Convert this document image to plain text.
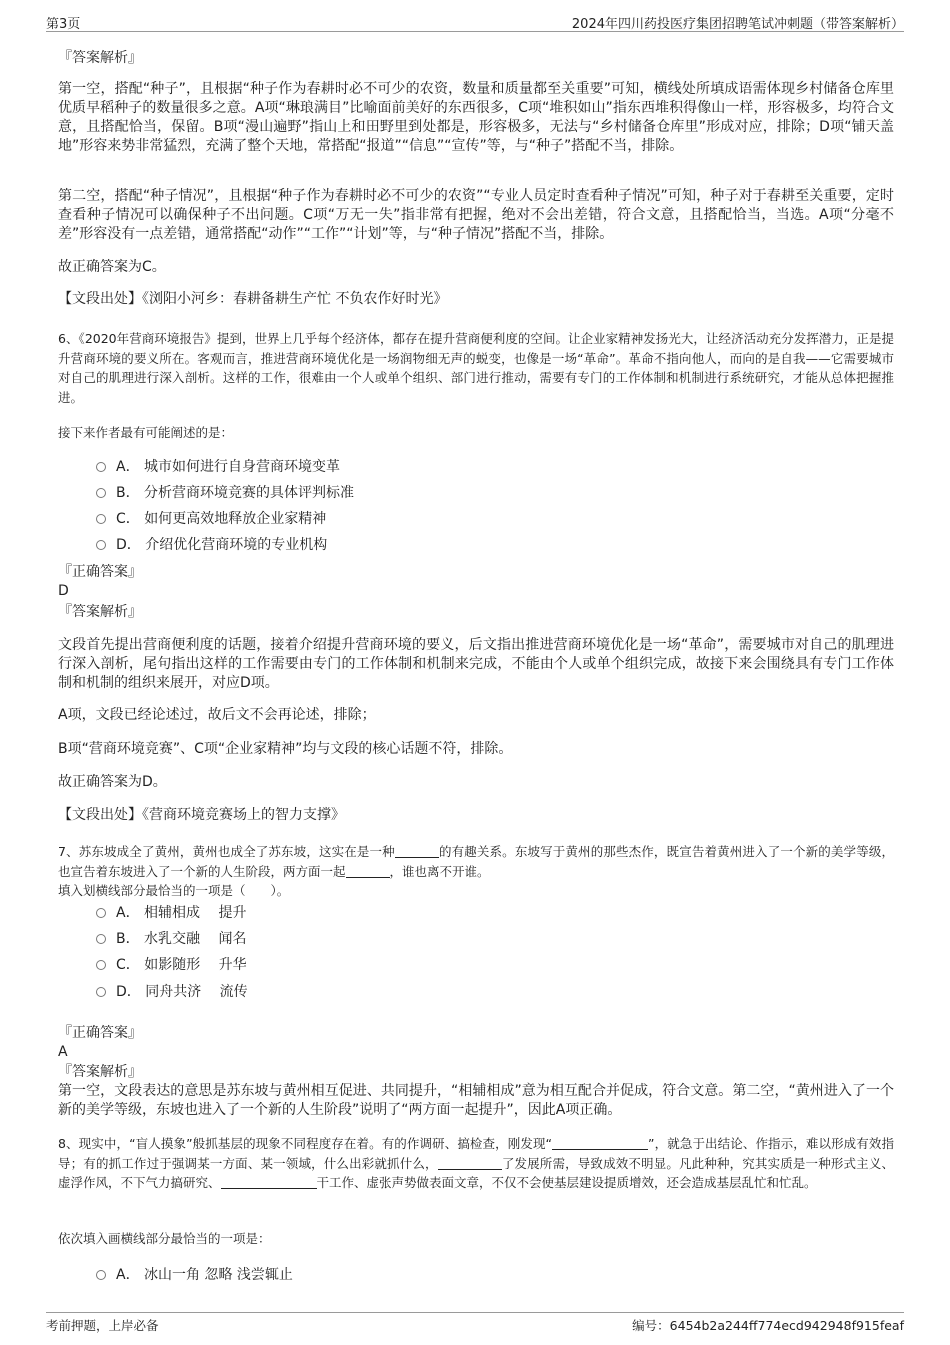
第3页	2024年四川药投医疗集团招聘笔试冲刺题（带答案解析）
『答案解析』

第一空，搭配“种子”，且根据“种子作为春耕时必不可少的农资，数量和质量都至关重要”可知，横线处所填成语需体现乡村储备仓库里优质早稻种子的数量很多之意。A项“琳琅满目”比喻面前美好的东西很多，C项“堆积如山”指东西堆积得像山一样，形容极多，均符合文意，且搭配恰当，保留。B项“漫山遍野”指山上和田野里到处都是，形容极多，无法与“乡村储备仓库里”形成对应，排除；D项“铺天盖地”形容来势非常猛烈，充满了整个天地，常搭配“报道”“信息”“宣传”等，与“种子”搭配不当，排除。

第二空，搭配“种子情况”，且根据“种子作为春耕时必不可少的农资”“专业人员定时查看种子情况”可知，种子对于春耕至关重要，定时查看种子情况可以确保种子不出问题。C项“万无一失”指非常有把握，绝对不会出差错，符合文意，且搭配恰当，当选。A项“分毫不差”形容没有一点差错，通常搭配“动作”“工作”“计划”等，与“种子情况”搭配不当，排除。

故正确答案为C。
【文段出处】《浏阳小河乡：春耕备耕生产忙 不负农作好时光》

6、《2020年营商环境报告》提到，世界上几乎每个经济体，都存在提升营商便利度的空间。让企业家精神发扬光大，让经济活动充分发挥潜力，正是提升营商环境的要义所在。客观而言，推进营商环境优化是一场润物细无声的蜕变，也像是一场“革命”。革命不指向他人，而向的是自我——它需要城市对自己的肌理进行深入剖析。这样的工作，很难由一个人或单个组织、部门进行推动，需要有专门的工作体制和机制进行系统研究，才能从总体把握推进。

接下来作者最有可能阐述的是：
A． 城市如何进行自身营商环境变革
B． 分析营商环境竞赛的具体评判标准
C． 如何更高效地释放企业家精神
D． 介绍优化营商环境的专业机构
『正确答案』
D
『答案解析』

文段首先提出营商便利度的话题，接着介绍提升营商环境的要义，后文指出推进营商环境优化是一场“革命”，需要城市对自己的肌理进行深入剖析，尾句指出这样的工作需要由专门的工作体制和机制来完成，不能由个人或单个组织完成，故接下来会围绕具有专门工作体制和机制的组织来展开，对应D项。

A项，文段已经论述过，故后文不会再论述，排除；
B项“营商环境竞赛”、C项“企业家精神”均与文段的核心话题不符，排除。
故正确答案为D。
【文段出处】《营商环境竞赛场上的智力支撑》

7、苏东坡成全了黄州，黄州也成全了苏东坡，这实在是一种	的有趣关系。东坡写于黄州的那些杰作，既宣告着黄州进入了一个新的美学等级，也宣告着东坡进入了一个新的人生阶段，两方面一起	，谁也离不开谁。

填入划横线部分最恰当的一项是（　　）。
A． 相辅相成　 提升
B． 水乳交融　 闻名
C． 如影随形　 升华
D． 同舟共济　 流传
『正确答案』
A
『答案解析』

第一空，文段表达的意思是苏东坡与黄州相互促进、共同提升，“相辅相成”意为相互配合并促成，符合文意。第二空，“黄州进入了一个新的美学等级，东坡也进入了一个新的人生阶段”说明了“两方面一起提升”，因此A项正确。

8、现实中，“盲人摸象”般抓基层的现象不同程度存在着。有的作调研、搞检查，刚发现“	”，就急于出结论、作指示，难以形成有效指导；有的抓工作过于强调某一方面、某一领域，什么出彩就抓什么，	了发展所需，导致成效不明显。凡此种种，究其实质是一种形式主义、虚浮作风，不下气力搞研究、	干工作、虚张声势做表面文章，不仅不会使基层建设提质增效，还会造成基层乱忙和忙乱。

依次填入画横线部分最恰当的一项是：
A． 冰山一角 忽略 浅尝辄止
考前押题，上岸必备	编号：6454b2a244ff774ecd942948f915feaf
